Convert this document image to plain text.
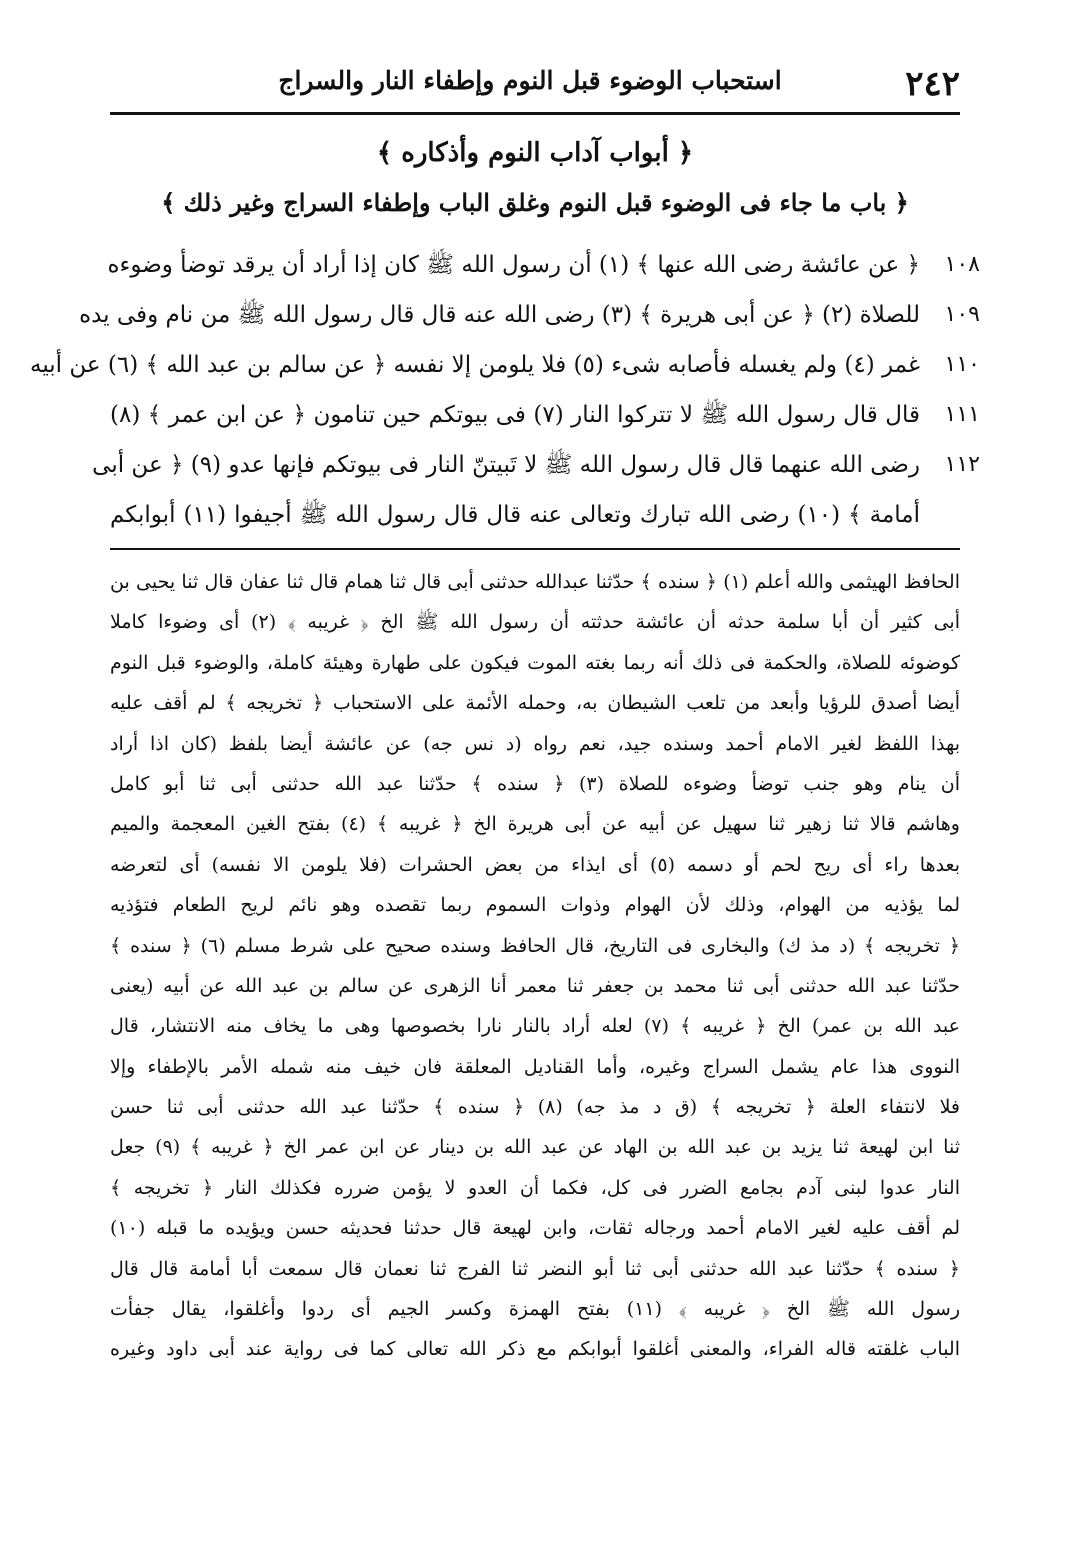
استحباب الوضوء قبل النوم وإطفاء النار والسراج	٢٤٢
﴿ أبواب آداب النوم وأذكاره ﴾
﴿ باب ما جاء فى الوضوء قبل النوم وغلق الباب وإطفاء السراج وغير ذلك ﴾
﴿ عن عائشة رضى الله عنها ﴾ (١) أن رسول الله ﷺ كان إذا أراد أن يرقد توضأ وضوءه	١٠٨
للصلاة (٢) ﴿ عن أبى هريرة ﴾ (٣) رضى الله عنه قال قال رسول الله ﷺ من نام وفى يده	١٠٩
غمر (٤) ولم يغسله فأصابه شىء (٥) فلا يلومن إلا نفسه ﴿ عن سالم بن عبد الله ﴾ (٦) عن أبيه	١١٠
قال قال رسول الله ﷺ لا تتركوا النار (٧) فى بيوتكم حين تنامون ﴿ عن ابن عمر ﴾ (٨)	١١١
رضى الله عنهما قال قال رسول الله ﷺ لا تَبيتنّ النار فى بيوتكم فإنها عدو (٩) ﴿ عن أبى	١١٢
أمامة ﴾ (١٠) رضى الله تبارك وتعالى عنه قال قال رسول الله ﷺ أجيفوا (١١) أبوابكم
الحافظ الهيثمى والله أعلم (١) ﴿ سنده ﴾ حدّثنا عبدالله حدثنى أبى قال ثنا همام قال ثنا عفان قال ثنا يحيى بن
أبى كثير أن أبا سلمة حدثه أن عائشة حدثته أن رسول الله ﷺ الخ ﴿ غريبه ﴾ (٢) أى وضوءا كاملا
كوضوئه للصلاة، والحكمة فى ذلك أنه ربما بغته الموت فيكون على طهارة وهيئة كاملة، والوضوء قبل النوم
أيضا أصدق للرؤيا وأبعد من تلعب الشيطان به، وحمله الأئمة على الاستحباب ﴿ تخريجه ﴾ لم أقف عليه
بهذا اللفظ لغير الامام أحمد وسنده جيد، نعم رواه (د نس جه) عن عائشة أيضا بلفظ (كان اذا أراد
أن ينام وهو جنب توضأ وضوءه للصلاة (٣) ﴿ سنده ﴾ حدّثنا عبد الله حدثنى أبى ثنا أبو كامل
وهاشم قالا ثنا زهير ثنا سهيل عن أبيه عن أبى هريرة الخ ﴿ غريبه ﴾ (٤) بفتح الغين المعجمة والميم
بعدها راء أى ريح لحم أو دسمه (٥) أى ايذاء من بعض الحشرات (فلا يلومن الا نفسه) أى لتعرضه
لما يؤذيه من الهوام، وذلك لأن الهوام وذوات السموم ربما تقصده وهو نائم لريح الطعام فتؤذيه
﴿ تخريجه ﴾ (د مذ ك) والبخارى فى التاريخ، قال الحافظ وسنده صحيح على شرط مسلم (٦) ﴿ سنده ﴾
حدّثنا عبد الله حدثنى أبى ثنا محمد بن جعفر ثنا معمر أنا الزهرى عن سالم بن عبد الله عن أبيه (يعنى
عبد الله بن عمر) الخ ﴿ غريبه ﴾ (٧) لعله أراد بالنار نارا بخصوصها وهى ما يخاف منه الانتشار، قال
النووى هذا عام يشمل السراج وغيره، وأما القناديل المعلقة فان خيف منه شمله الأمر بالإطفاء وإلا
فلا لانتفاء العلة ﴿ تخريجه ﴾ (ق د مذ جه) (٨) ﴿ سنده ﴾ حدّثنا عبد الله حدثنى أبى ثنا حسن
ثنا ابن لهيعة ثنا يزيد بن عبد الله بن الهاد عن عبد الله بن دينار عن ابن عمر الخ ﴿ غريبه ﴾ (٩) جعل
النار عدوا لبنى آدم بجامع الضرر فى كل، فكما أن العدو لا يؤمن ضرره فكذلك النار ﴿ تخريجه ﴾
لم أقف عليه لغير الامام أحمد ورجاله ثقات، وابن لهيعة قال حدثنا فحديثه حسن ويؤيده ما قبله (١٠)
﴿ سنده ﴾ حدّثنا عبد الله حدثنى أبى ثنا أبو النضر ثنا الفرج ثنا نعمان قال سمعت أبا أمامة قال قال
رسول الله ﷺ الخ ﴿ غريبه ﴾ (١١) بفتح الهمزة وكسر الجيم أى ردوا وأغلقوا، يقال جفأت
الباب غلقته قاله الفراء، والمعنى أغلقوا أبوابكم مع ذكر الله تعالى كما فى رواية عند أبى داود وغيره
